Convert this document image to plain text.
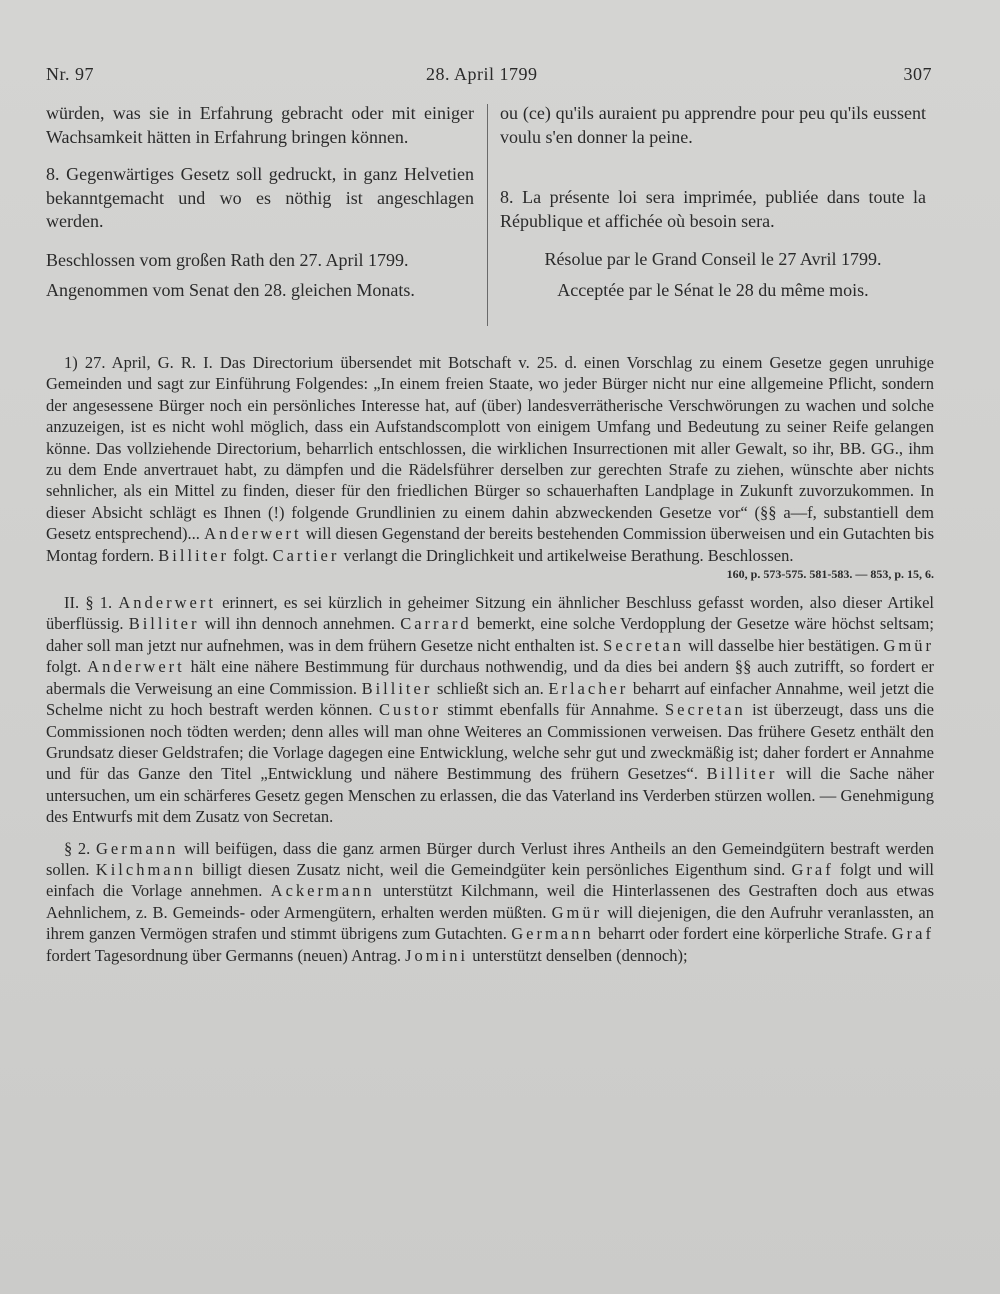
Nr. 97	28. April 1799	307

würden, was sie in Erfahrung gebracht oder mit einiger Wachsamkeit hätten in Erfahrung bringen können.

8. Gegenwärtiges Gesetz soll gedruckt, in ganz Helvetien bekanntgemacht und wo es nöthig ist angeschlagen werden.

Beschlossen vom großen Rath den 27. April 1799.

Angenommen vom Senat den 28. gleichen Monats.

ou (ce) qu'ils auraient pu apprendre pour peu qu'ils eussent voulu s'en donner la peine.

8. La présente loi sera imprimée, publiée dans toute la République et affichée où besoin sera.

Résolue par le Grand Conseil le 27 Avril 1799.

Acceptée par le Sénat le 28 du même mois.

1) 27. April, G. R. I. Das Directorium übersendet mit Botschaft v. 25. d. einen Vorschlag zu einem Gesetze gegen unruhige Gemeinden und sagt zur Einführung Folgendes: „In einem freien Staate, wo jeder Bürger nicht nur eine allgemeine Pflicht, sondern der angesessene Bürger noch ein persönliches Interesse hat, auf (über) landesverrätherische Verschwörungen zu wachen und solche anzuzeigen, ist es nicht wohl möglich, dass ein Aufstandscomplott von einigem Umfang und Bedeutung zu seiner Reife gelangen könne. Das vollziehende Directorium, beharrlich entschlossen, die wirklichen Insurrectionen mit aller Gewalt, so ihr, BB. GG., ihm zu dem Ende anvertrauet habt, zu dämpfen und die Rädelsführer derselben zur gerechten Strafe zu ziehen, wünschte aber nichts sehnlicher, als ein Mittel zu finden, dieser für den friedlichen Bürger so schauerhaften Landplage in Zukunft zuvorzukommen. In dieser Absicht schlägt es Ihnen (!) folgende Grundlinien zu einem dahin abzweckenden Gesetze vor“ (§§ a—f, substantiell dem Gesetz entsprechend)... Anderwert will diesen Gegenstand der bereits bestehenden Commission überweisen und ein Gutachten bis Montag fordern. Billiter folgt. Cartier verlangt die Dringlichkeit und artikelweise Berathung. Beschlossen.

160, p. 573-575. 581-583. — 853, p. 15, 6.

II. § 1. Anderwert erinnert, es sei kürzlich in geheimer Sitzung ein ähnlicher Beschluss gefasst worden, also dieser Artikel überflüssig. Billiter will ihn dennoch annehmen. Carrard bemerkt, eine solche Verdopplung der Gesetze wäre höchst seltsam; daher soll man jetzt nur aufnehmen, was in dem frühern Gesetze nicht enthalten ist. Secretan will dasselbe hier bestätigen. Gmür folgt. Anderwert hält eine nähere Bestimmung für durchaus nothwendig, und da dies bei andern §§ auch zutrifft, so fordert er abermals die Verweisung an eine Commission. Billiter schließt sich an. Erlacher beharrt auf einfacher Annahme, weil jetzt die Schelme nicht zu hoch bestraft werden können. Custor stimmt ebenfalls für Annahme. Secretan ist überzeugt, dass uns die Commissionen noch tödten werden; denn alles will man ohne Weiteres an Commissionen verweisen. Das frühere Gesetz enthält den Grundsatz dieser Geldstrafen; die Vorlage dagegen eine Entwicklung, welche sehr gut und zweckmäßig ist; daher fordert er Annahme und für das Ganze den Titel „Entwicklung und nähere Bestimmung des frühern Gesetzes“. Billiter will die Sache näher untersuchen, um ein schärferes Gesetz gegen Menschen zu erlassen, die das Vaterland ins Verderben stürzen wollen. — Genehmigung des Entwurfs mit dem Zusatz von Secretan.

§ 2. Germann will beifügen, dass die ganz armen Bürger durch Verlust ihres Antheils an den Gemeindgütern bestraft werden sollen. Kilchmann billigt diesen Zusatz nicht, weil die Gemeindgüter kein persönliches Eigenthum sind. Graf folgt und will einfach die Vorlage annehmen. Ackermann unterstützt Kilchmann, weil die Hinterlassenen des Gestraften doch aus etwas Aehnlichem, z. B. Gemeinds- oder Armengütern, erhalten werden müßten. Gmür will diejenigen, die den Aufruhr veranlassten, an ihrem ganzen Vermögen strafen und stimmt übrigens zum Gutachten. Germann beharrt oder fordert eine körperliche Strafe. Graf fordert Tagesordnung über Germanns (neuen) Antrag. Jomini unterstützt denselben (dennoch);
